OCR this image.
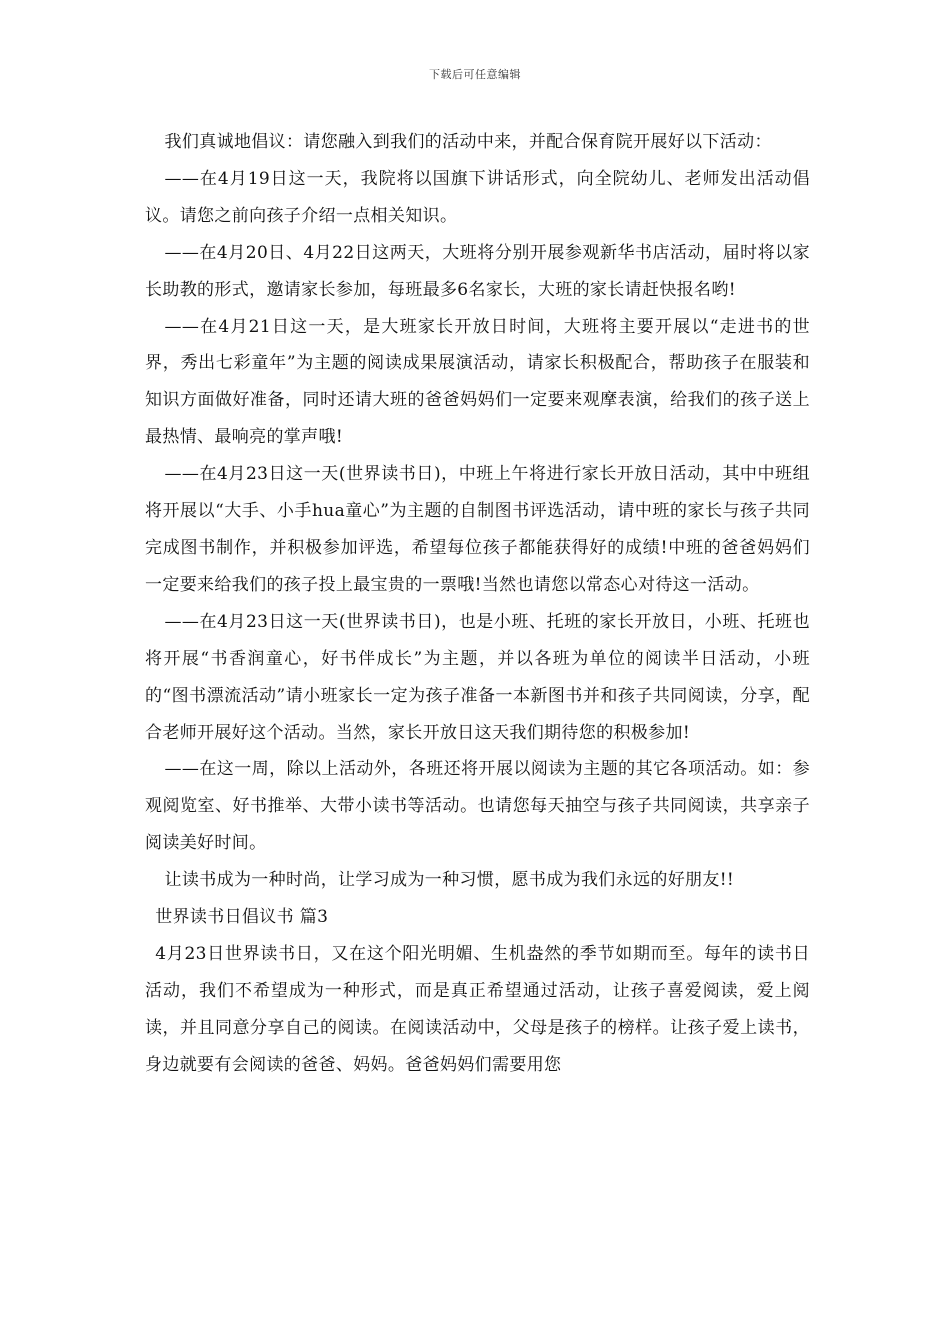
下载后可任意编辑

我们真诚地倡议：请您融入到我们的活动中来，并配合保育院开展好以下活动：

——在4月19日这一天，我院将以国旗下讲话形式，向全院幼儿、老师发出活动倡议。请您之前向孩子介绍一点相关知识。

——在4月20日、4月22日这两天，大班将分别开展参观新华书店活动，届时将以家长助教的形式，邀请家长参加，每班最多6名家长，大班的家长请赶快报名哟!

——在4月21日这一天，是大班家长开放日时间，大班将主要开展以“走进书的世界，秀出七彩童年”为主题的阅读成果展演活动，请家长积极配合，帮助孩子在服装和知识方面做好准备，同时还请大班的爸爸妈妈们一定要来观摩表演，给我们的孩子送上最热情、最响亮的掌声哦!

——在4月23日这一天(世界读书日)，中班上午将进行家长开放日活动，其中中班组将开展以“大手、小手hua童心”为主题的自制图书评选活动，请中班的家长与孩子共同完成图书制作，并积极参加评选，希望每位孩子都能获得好的成绩!中班的爸爸妈妈们一定要来给我们的孩子投上最宝贵的一票哦!当然也请您以常态心对待这一活动。

——在4月23日这一天(世界读书日)，也是小班、托班的家长开放日，小班、托班也将开展“书香润童心，好书伴成长”为主题，并以各班为单位的阅读半日活动，小班的“图书漂流活动”请小班家长一定为孩子准备一本新图书并和孩子共同阅读，分享，配合老师开展好这个活动。当然，家长开放日这天我们期待您的积极参加!

——在这一周，除以上活动外，各班还将开展以阅读为主题的其它各项活动。如：参观阅览室、好书推举、大带小读书等活动。也请您每天抽空与孩子共同阅读，共享亲子阅读美好时间。

让读书成为一种时尚，让学习成为一种习惯，愿书成为我们永远的好朋友!!

世界读书日倡议书 篇3

4月23日世界读书日，又在这个阳光明媚、生机盎然的季节如期而至。每年的读书日活动，我们不希望成为一种形式，而是真正希望通过活动，让孩子喜爱阅读，爱上阅读，并且同意分享自己的阅读。在阅读活动中，父母是孩子的榜样。让孩子爱上读书，身边就要有会阅读的爸爸、妈妈。爸爸妈妈们需要用您
